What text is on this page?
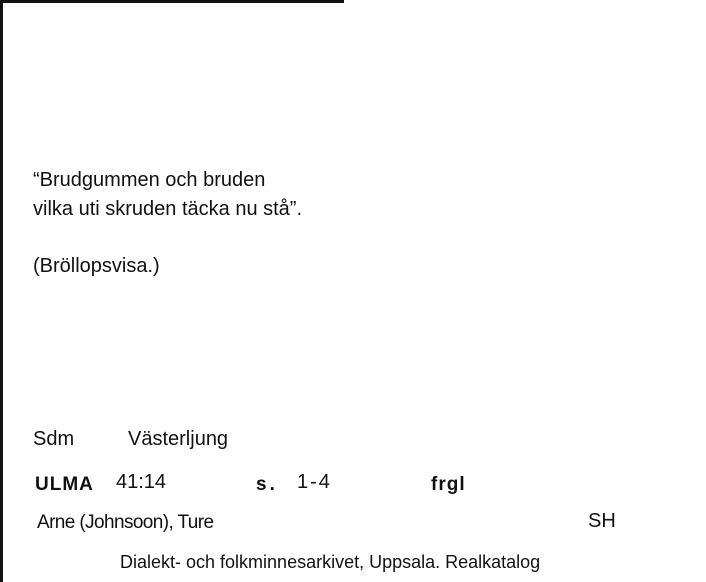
“Brudgummen och bruden
vilka uti skruden täcka nu stå”.
(Bröllopsvisa.)
Sdm	Västerljung
ULMA 41:14	s. 1-4	frgl
Arne (Johnsoon), Ture	SH
Dialekt- och folkminnesarkivet, Uppsala. Realkatalog
